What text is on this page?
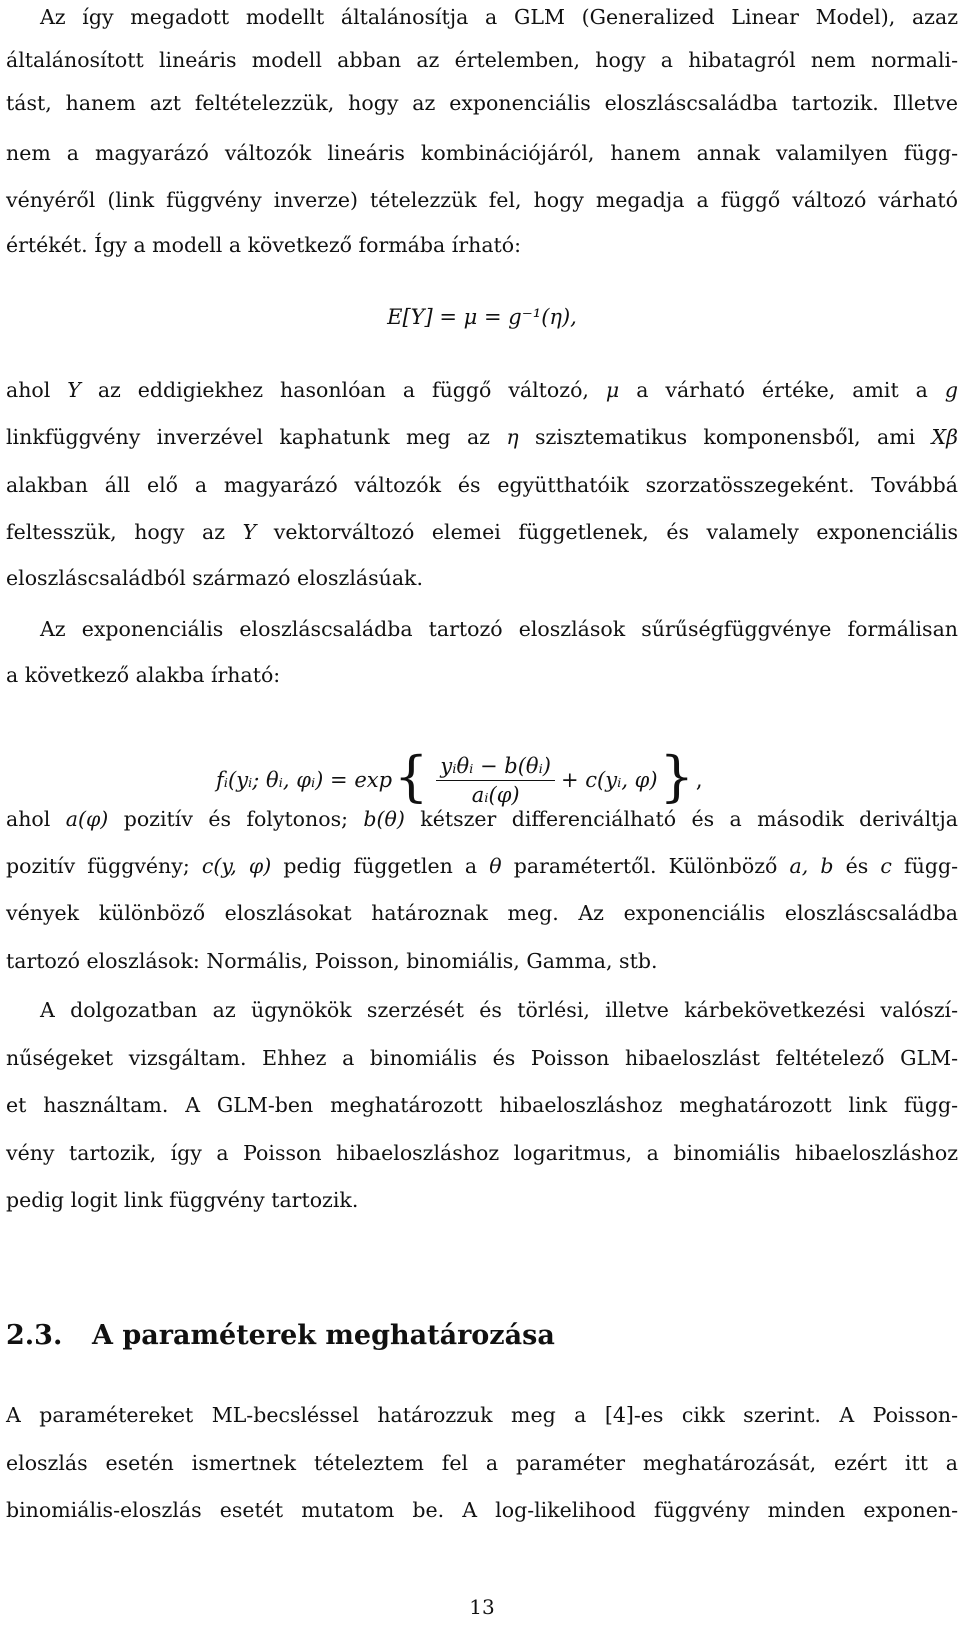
Az így megadott modellt általánosítja a GLM (Generalized Linear Model), azaz
általánosított lineáris modell abban az értelemben, hogy a hibatagról nem normali-
tást, hanem azt feltételezzük, hogy az exponenciális eloszláscsaládba tartozik. Illetve
nem a magyarázó változók lineáris kombinációjáról, hanem annak valamilyen függ-
vényéről (link függvény inverze) tételezzük fel, hogy megadja a függő változó várható
értékét. Így a modell a következő formába írható:
E[Y] = μ = g⁻¹(η),
ahol Y az eddigiekhez hasonlóan a függő változó, μ a várható értéke, amit a g
linkfüggvény inverzével kaphatunk meg az η szisztematikus komponensből, ami Xβ
alakban áll elő a magyarázó változók és együtthatóik szorzatösszegeként. Továbbá
feltesszük, hogy az Y vektorváltozó elemei függetlenek, és valamely exponenciális
eloszláscsaládból származó eloszlásúak.
Az exponenciális eloszláscsaládba tartozó eloszlások sűrűségfüggvénye formálisan
a következő alakba írható:
fᵢ(yᵢ; θᵢ, φᵢ) = exp { $\frac{\text{yᵢθᵢ − b(θᵢ)}}{\text{aᵢ(φ)}}$ + c(yᵢ, φ) } ,
ahol a(φ) pozitív és folytonos; b(θ) kétszer differenciálható és a második deriváltja
pozitív függvény; c(y, φ) pedig független a θ paramétertől. Különböző a, b és c függ-
vények különböző eloszlásokat határoznak meg. Az exponenciális eloszláscsaládba
tartozó eloszlások: Normális, Poisson, binomiális, Gamma, stb.
A dolgozatban az ügynökök szerzését és törlési, illetve kárbekövetkezési valószí-
nűségeket vizsgáltam. Ehhez a binomiális és Poisson hibaeloszlást feltételező GLM-
et használtam. A GLM-ben meghatározott hibaeloszláshoz meghatározott link függ-
vény tartozik, így a Poisson hibaeloszláshoz logaritmus, a binomiális hibaeloszláshoz
pedig logit link függvény tartozik.
2.3. A paraméterek meghatározása
A paramétereket ML-becsléssel határozzuk meg a [4]-es cikk szerint. A Poisson-
eloszlás esetén ismertnek tételeztem fel a paraméter meghatározását, ezért itt a
binomiális-eloszlás esetét mutatom be. A log-likelihood függvény minden exponen-
13
